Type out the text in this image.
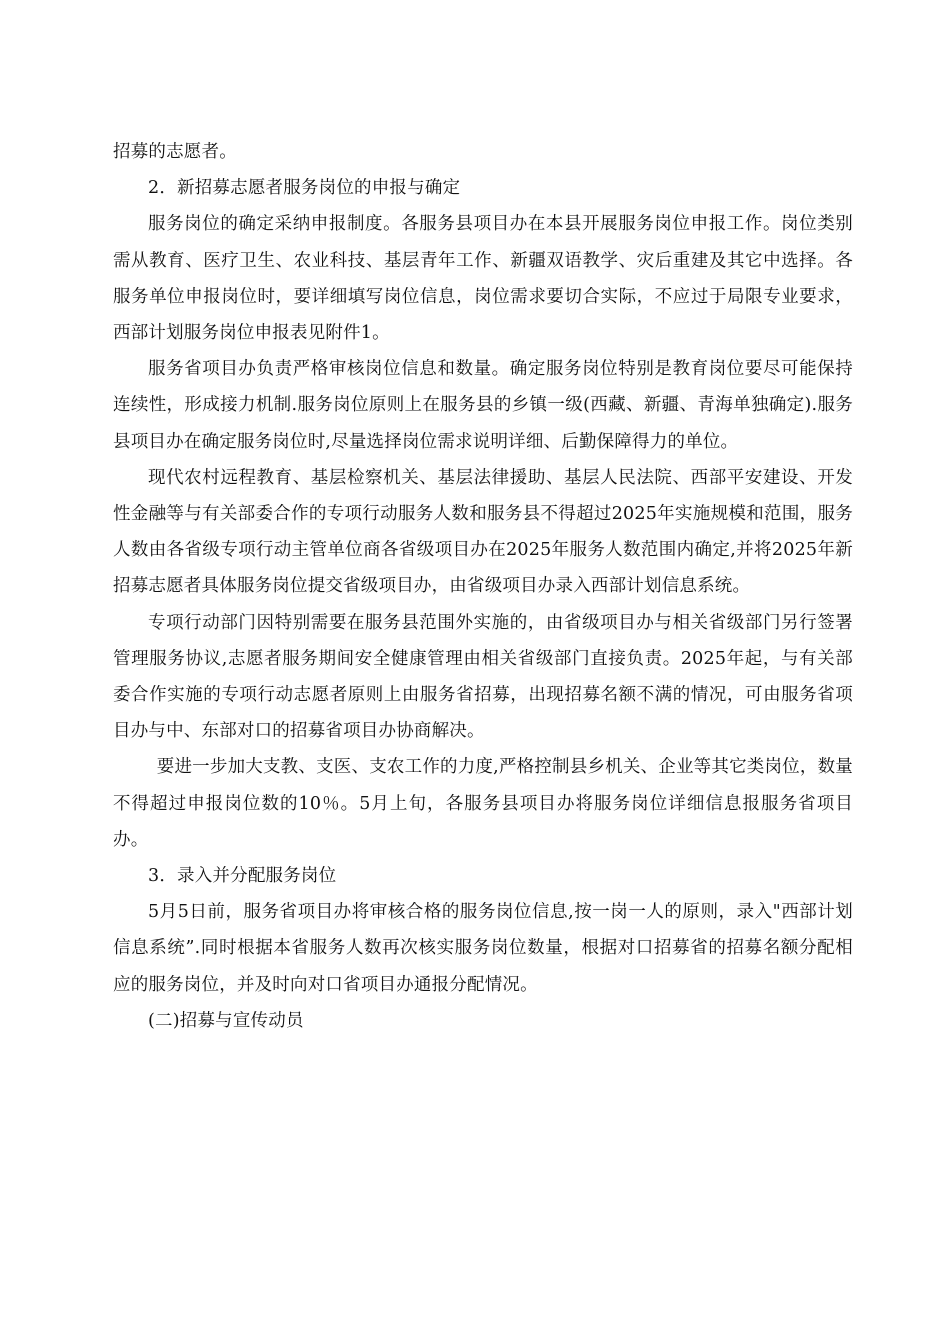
招募的志愿者。

2．新招募志愿者服务岗位的申报与确定

服务岗位的确定采纳申报制度。各服务县项目办在本县开展服务岗位申报工作。岗位类别需从教育、医疗卫生、农业科技、基层青年工作、新疆双语教学、灾后重建及其它中选择。各服务单位申报岗位时，要详细填写岗位信息，岗位需求要切合实际，不应过于局限专业要求，西部计划服务岗位申报表见附件1。

服务省项目办负责严格审核岗位信息和数量。确定服务岗位特别是教育岗位要尽可能保持连续性，形成接力机制.服务岗位原则上在服务县的乡镇一级(西藏、新疆、青海单独确定).服务县项目办在确定服务岗位时,尽量选择岗位需求说明详细、后勤保障得力的单位。

现代农村远程教育、基层检察机关、基层法律援助、基层人民法院、西部平安建设、开发性金融等与有关部委合作的专项行动服务人数和服务县不得超过2025年实施规模和范围，服务人数由各省级专项行动主管单位商各省级项目办在2025年服务人数范围内确定,并将2025年新招募志愿者具体服务岗位提交省级项目办，由省级项目办录入西部计划信息系统。

专项行动部门因特别需要在服务县范围外实施的，由省级项目办与相关省级部门另行签署管理服务协议,志愿者服务期间安全健康管理由相关省级部门直接负责。2025年起，与有关部委合作实施的专项行动志愿者原则上由服务省招募，出现招募名额不满的情况，可由服务省项目办与中、东部对口的招募省项目办协商解决。

要进一步加大支教、支医、支农工作的力度,严格控制县乡机关、企业等其它类岗位，数量不得超过申报岗位数的10％。5月上旬，各服务县项目办将服务岗位详细信息报服务省项目办。

3．录入并分配服务岗位

5月5日前，服务省项目办将审核合格的服务岗位信息,按一岗一人的原则，录入"西部计划信息系统”.同时根据本省服务人数再次核实服务岗位数量，根据对口招募省的招募名额分配相应的服务岗位，并及时向对口省项目办通报分配情况。

(二)招募与宣传动员
